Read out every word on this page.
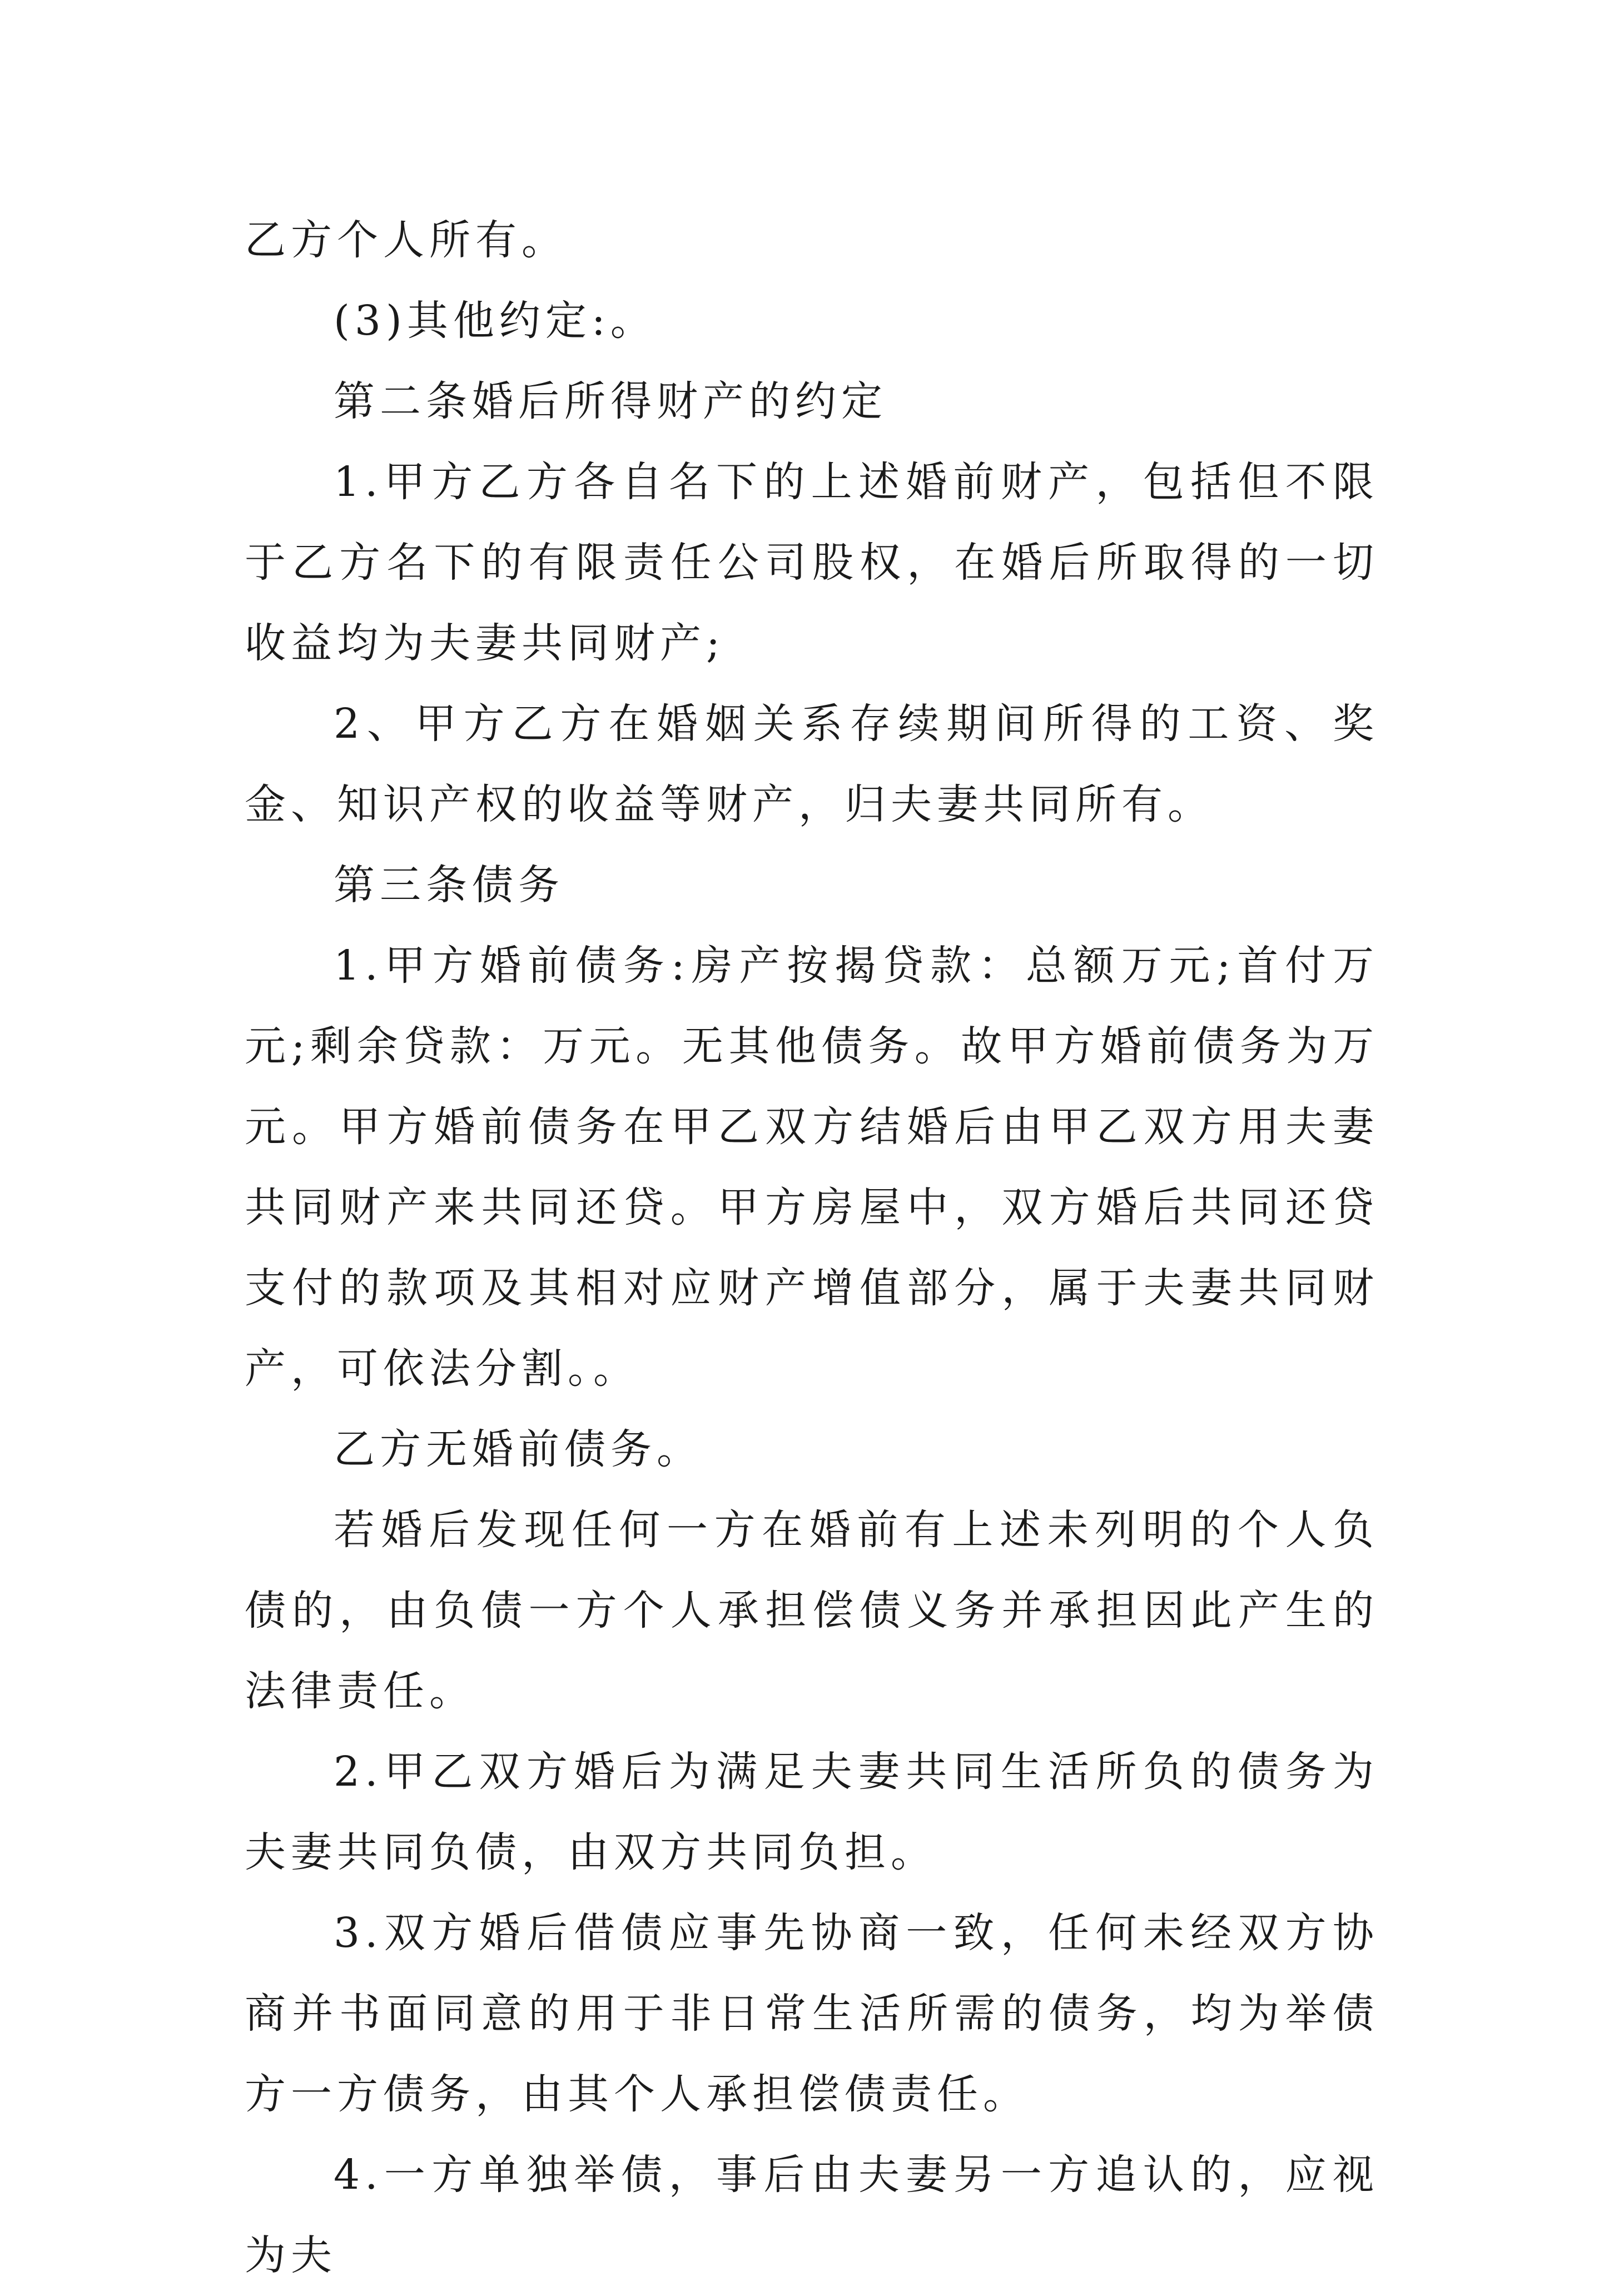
乙方个人所有。

(3)其他约定:。

第二条婚后所得财产的约定

1.甲方乙方各自名下的上述婚前财产，包括但不限于乙方名下的有限责任公司股权，在婚后所取得的一切收益均为夫妻共同财产;

2、甲方乙方在婚姻关系存续期间所得的工资、奖金、知识产权的收益等财产，归夫妻共同所有。

第三条债务

1.甲方婚前债务:房产按揭贷款：总额万元;首付万元;剩余贷款：万元。无其他债务。故甲方婚前债务为万元。甲方婚前债务在甲乙双方结婚后由甲乙双方用夫妻共同财产来共同还贷。甲方房屋中，双方婚后共同还贷支付的款项及其相对应财产增值部分，属于夫妻共同财产，可依法分割。。

乙方无婚前债务。

若婚后发现任何一方在婚前有上述未列明的个人负债的，由负债一方个人承担偿债义务并承担因此产生的法律责任。

2.甲乙双方婚后为满足夫妻共同生活所负的债务为夫妻共同负债，由双方共同负担。

3.双方婚后借债应事先协商一致，任何未经双方协商并书面同意的用于非日常生活所需的债务，均为举债方一方债务，由其个人承担偿债责任。

4.一方单独举债，事后由夫妻另一方追认的，应视为夫
